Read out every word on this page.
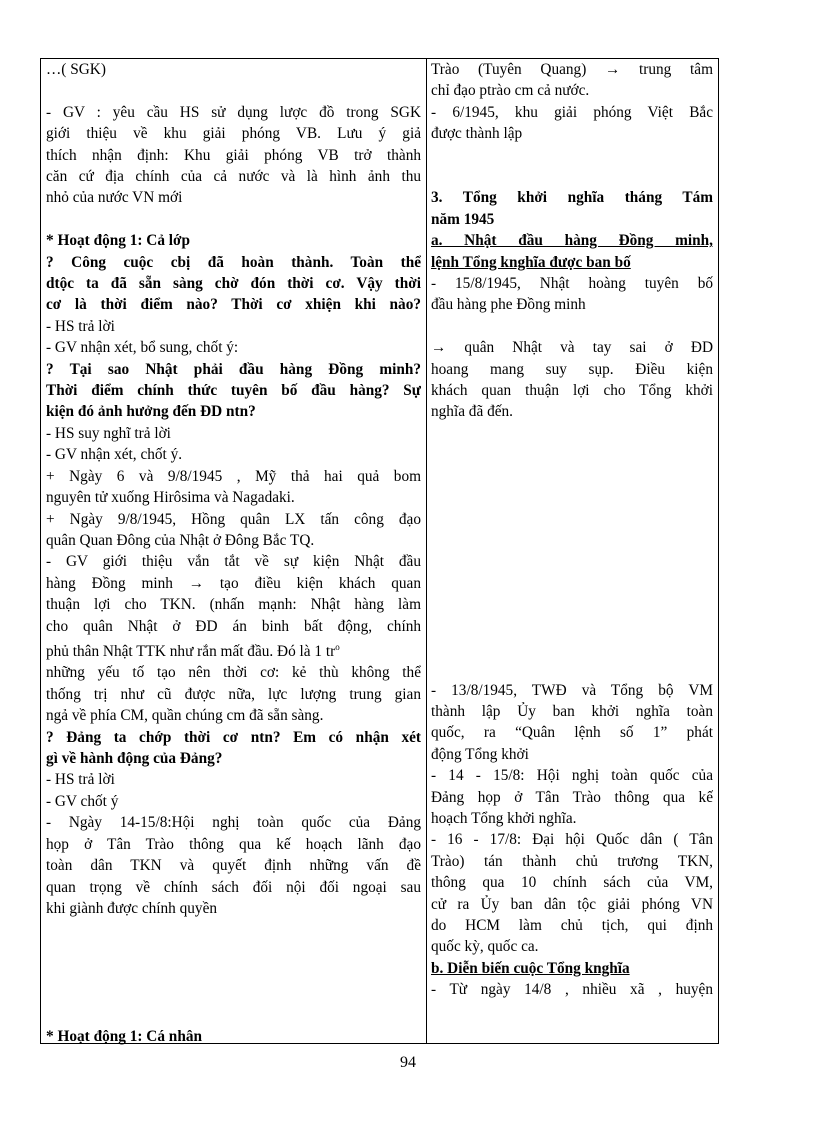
…( SGK)
- GV : yêu cầu HS sử dụng lược đồ trong SGK
giới thiệu về khu giải phóng VB. Lưu ý giả
thích nhận định: Khu giải phóng VB trở thành
căn cứ địa chính của cả nước và là hình ảnh thu
nhỏ của nước VN mới
* Hoạt động 1: Cả lớp
? Công cuộc cbị đã hoàn thành. Toàn thể
dtộc ta đã sẵn sàng chờ đón thời cơ. Vậy thời
cơ là thời điểm nào? Thời cơ xhiện khi nào?
- HS trả lời
- GV nhận xét, bổ sung, chốt ý:
? Tại sao Nhật phải đầu hàng Đồng minh?
Thời điểm chính thức tuyên bố đầu hàng? Sự
kiện đó ảnh hưởng đến ĐD ntn?
- HS suy nghĩ trả lời
- GV nhận xét, chốt ý.
+ Ngày 6 và 9/8/1945 , Mỹ thả hai quả bom
nguyên tử xuống Hirôsima và Nagadaki.
+ Ngày 9/8/1945, Hồng quân LX tấn công đạo
quân Quan Đông của Nhật ở Đông Bắc TQ.
- GV giới thiệu vắn tắt về sự kiện Nhật đầu
hàng Đồng minh → tạo điều kiện khách quan
thuận lợi cho TKN. (nhấn mạnh: Nhật hàng làm
cho quân Nhật ở ĐD án binh bất động, chính
phủ thân Nhật TTK như rắn mất đầu. Đó là 1 $tr^o$
những yếu tố tạo nên thời cơ: kẻ thù không thể
thống trị như cũ được nữa, lực lượng trung gian
ngả về phía CM, quần chúng cm đã sẵn sàng.
? Đảng ta chớp thời cơ ntn? Em có nhận xét
gì về hành động của Đảng?
- HS trả lời
- GV chốt ý
- Ngày 14-15/8:Hội nghị toàn quốc của Đảng
họp ở Tân Trào thông qua kế hoạch lãnh đạo
toàn dân TKN và quyết định những vấn đề
quan trọng về chính sách đối nội đối ngoại sau
khi giành được chính quyền
* Hoạt động 1: Cá nhân
Trào (Tuyên Quang) → trung tâm
chỉ đạo ptrào cm cả nước.
- 6/1945, khu giải phóng Việt Bắc
được thành lập
3. Tổng khởi nghĩa tháng Tám
năm 1945
a. Nhật đầu hàng Đồng minh,
lệnh Tổng knghĩa được ban bố
- 15/8/1945, Nhật hoàng tuyên bố
đầu hàng phe Đồng minh
→ quân Nhật và tay sai ở ĐD
hoang mang suy sụp. Điều kiện
khách quan thuận lợi cho Tổng khởi
nghĩa đã đến.
- 13/8/1945, TWĐ và Tổng bộ VM
thành lập Ủy ban khởi nghĩa toàn
quốc, ra “Quân lệnh số 1” phát
động Tổng khởi
- 14 - 15/8: Hội nghị toàn quốc của
Đảng họp ở Tân Trào thông qua kế
hoạch Tổng khởi nghĩa.
- 16 - 17/8: Đại hội Quốc dân ( Tân
Trào) tán thành chủ trương TKN,
thông qua 10 chính sách của VM,
cử ra Ủy ban dân tộc giải phóng VN
do HCM làm chủ tịch, qui định
quốc kỳ, quốc ca.
b. Diễn biến cuộc Tổng knghĩa
- Từ ngày 14/8 , nhiều xã , huyện
94
